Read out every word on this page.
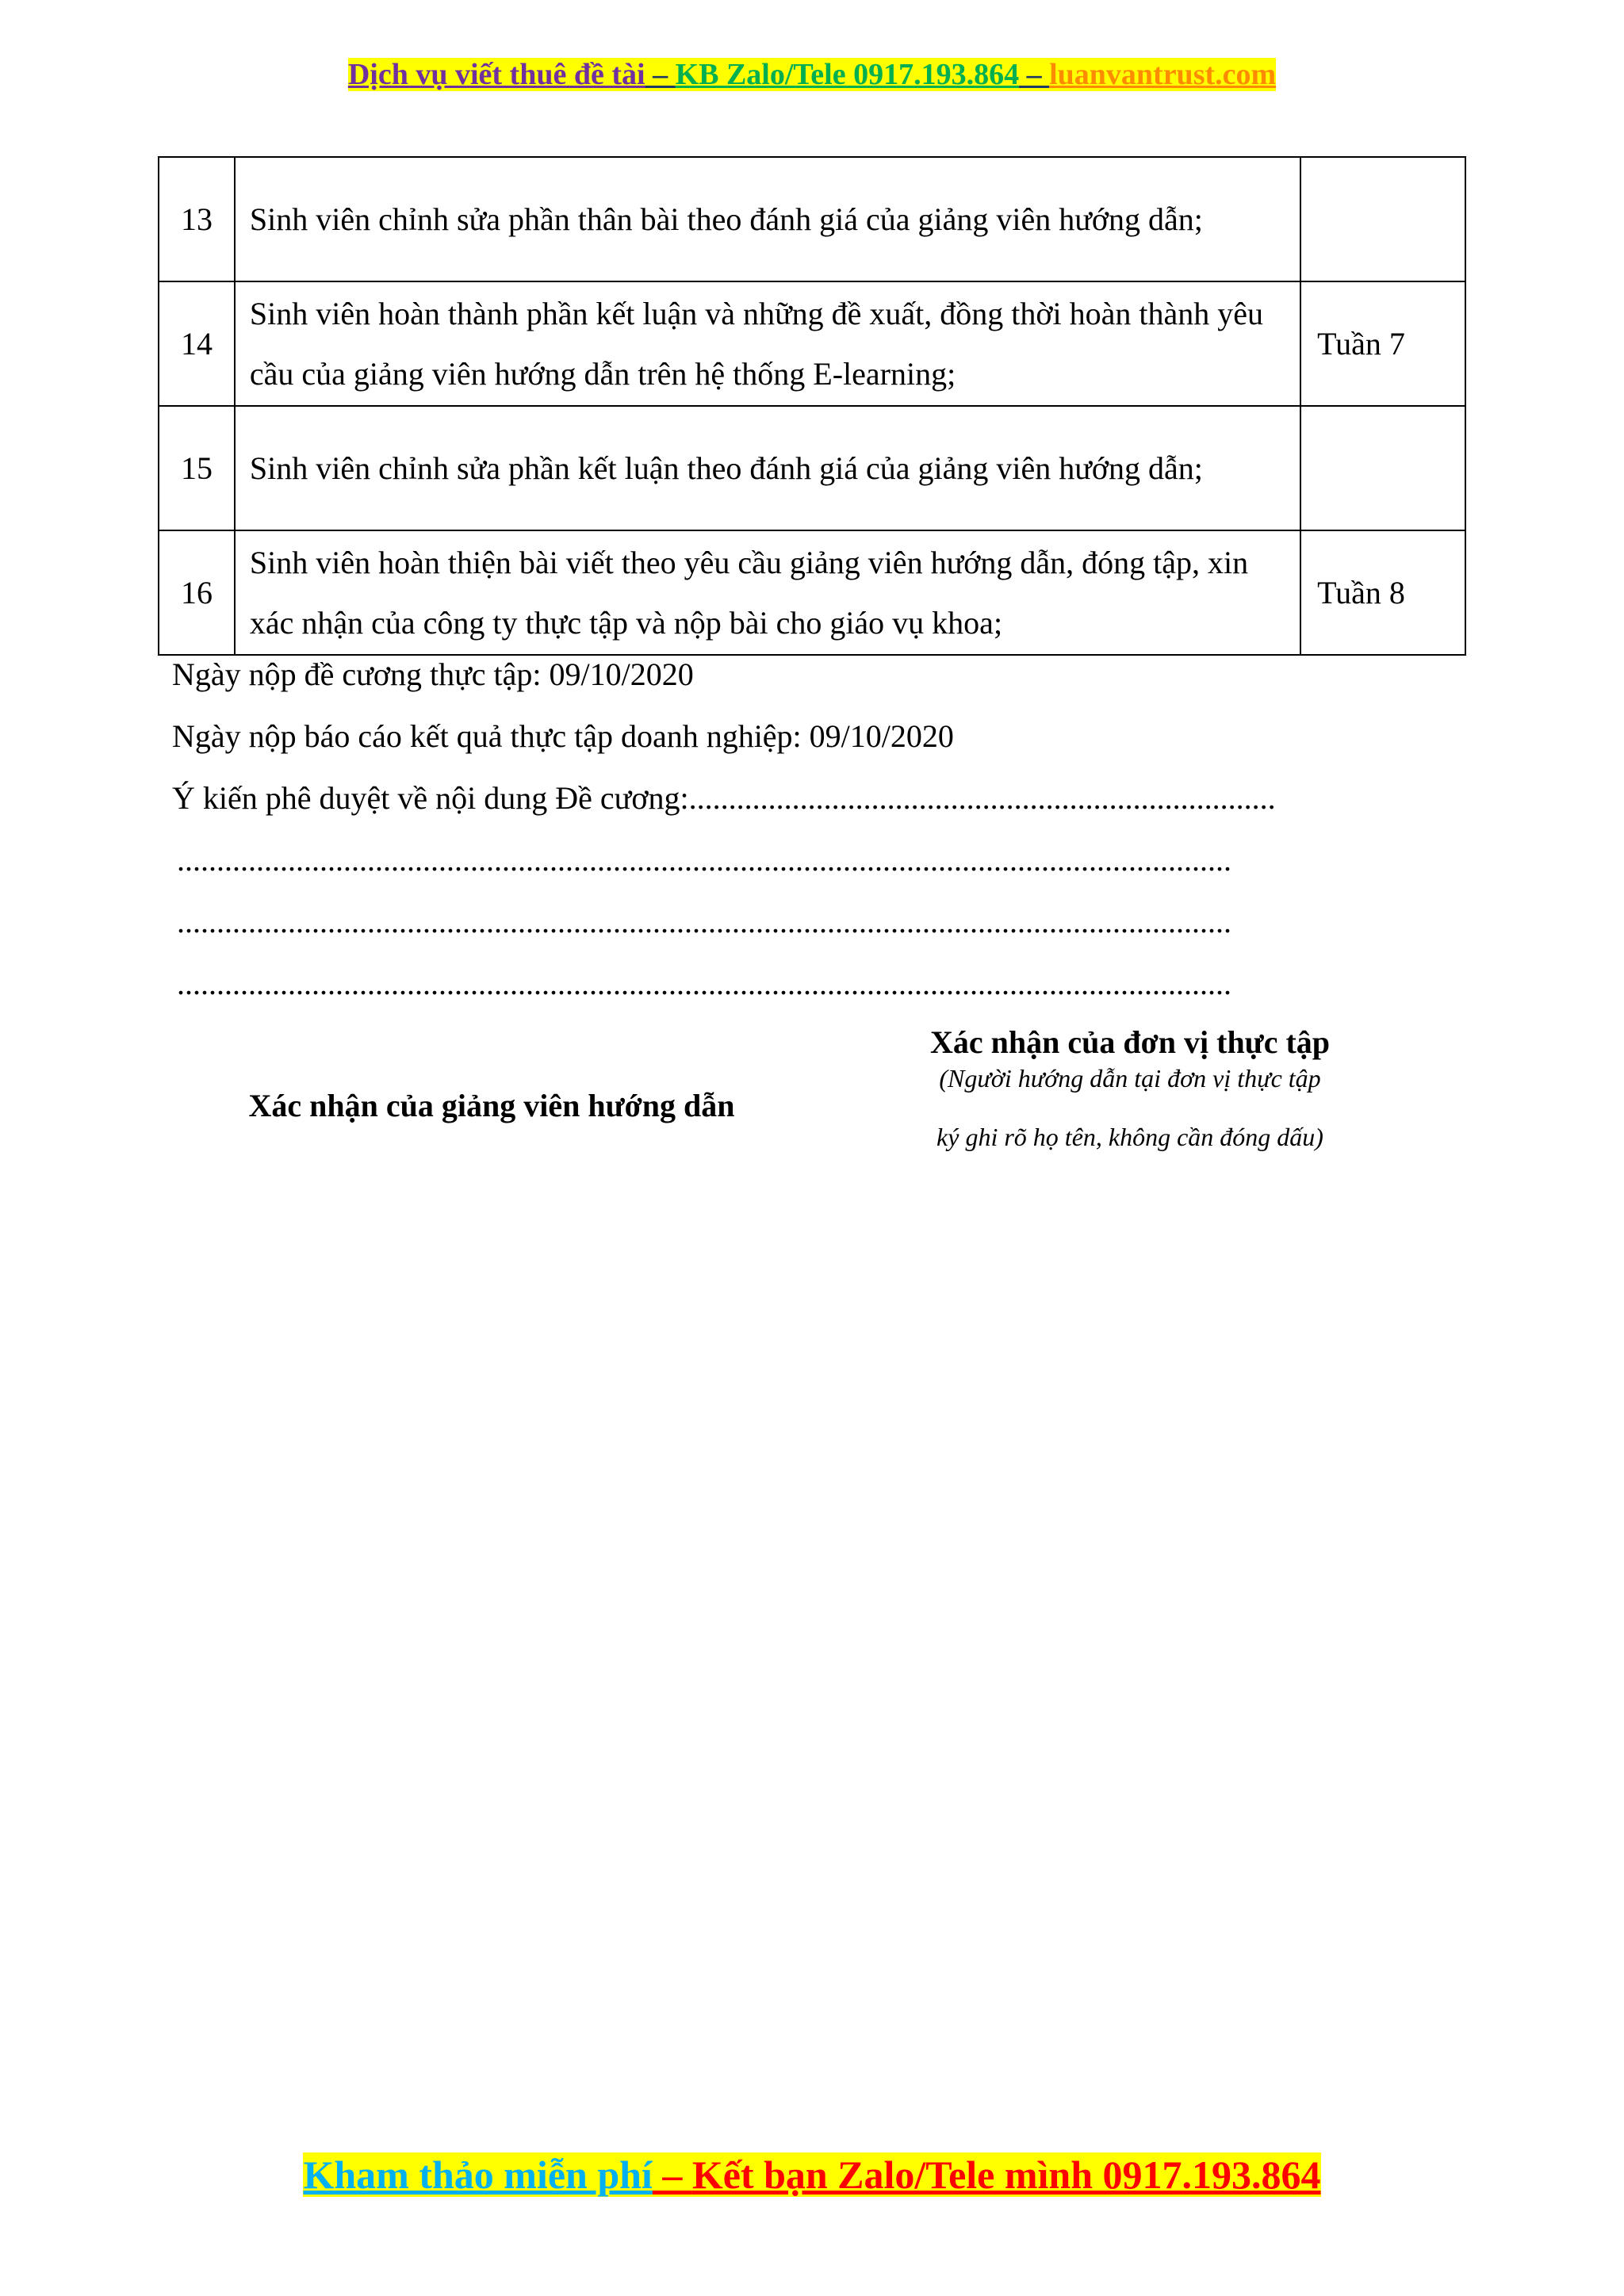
Dịch vụ viết thuê đề tài – KB Zalo/Tele 0917.193.864 – luanvantrust.com
13	Sinh viên chỉnh sửa phần thân bài theo đánh giá của giảng viên hướng dẫn;	
14	Sinh viên hoàn thành phần kết luận và những đề xuất, đồng thời hoàn thành yêu cầu của giảng viên hướng dẫn trên hệ thống E-learning;	Tuần 7
15	Sinh viên chỉnh sửa phần kết luận theo đánh giá của giảng viên hướng dẫn;	
16	Sinh viên hoàn thiện bài viết theo yêu cầu giảng viên hướng dẫn, đóng tập, xin xác nhận của công ty thực tập và nộp bài cho giáo vụ khoa;	Tuần 8
Ngày nộp đề cương thực tập: 09/10/2020
Ngày nộp báo cáo kết quả thực tập doanh nghiệp: 09/10/2020
Ý kiến phê duyệt về nội dung Đề cương:..........................................................................
.....................................................................................................................................
.....................................................................................................................................
.....................................................................................................................................
Xác nhận của đơn vị thực tập
(Người hướng dẫn tại đơn vị thực tập
ký ghi rõ họ tên, không cần đóng dấu)
Xác nhận của giảng viên hướng dẫn
Kham thảo miễn phí – Kết bạn Zalo/Tele mình 0917.193.864
